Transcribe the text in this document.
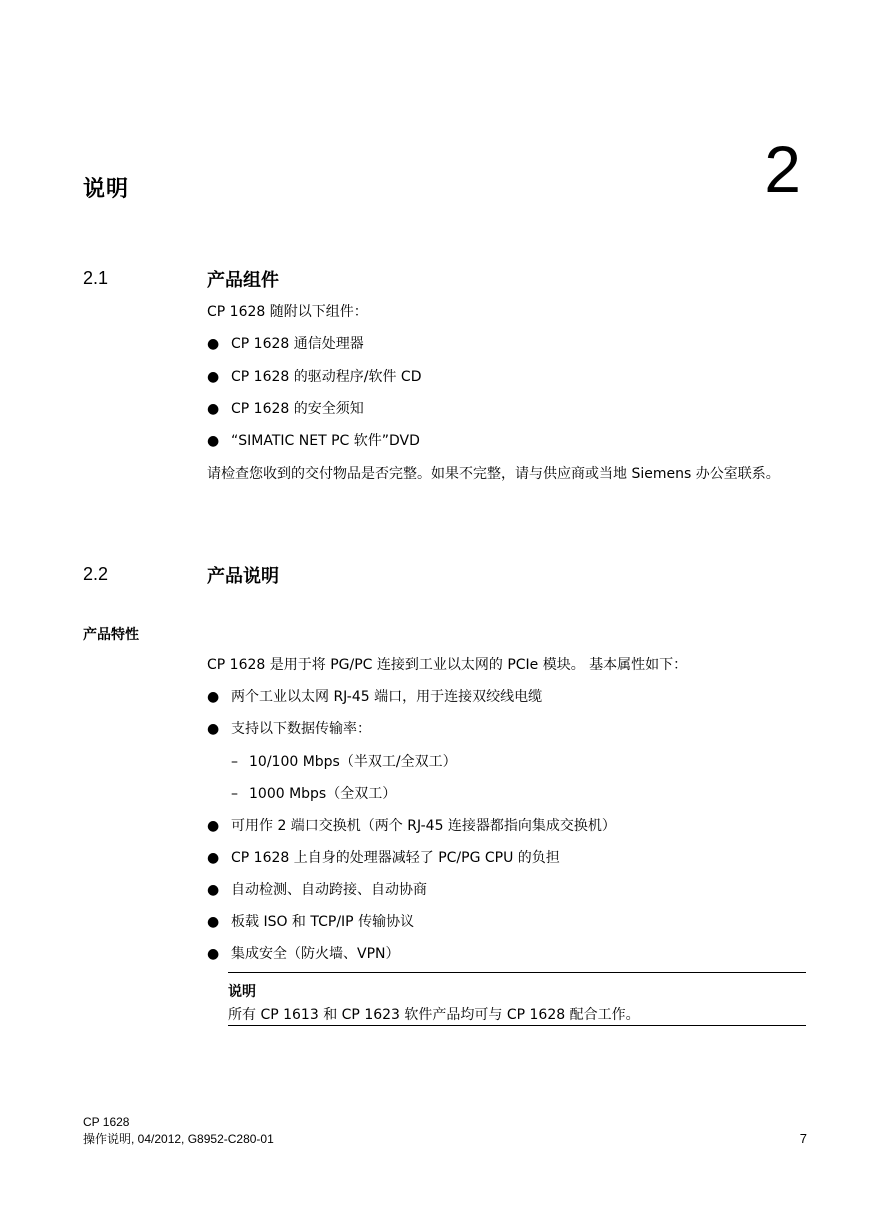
说明	2
2.1	产品组件
CP 1628 随附以下组件：
● CP 1628 通信处理器
● CP 1628 的驱动程序/软件 CD
● CP 1628 的安全须知
● “SIMATIC NET PC 软件”DVD
请检查您收到的交付物品是否完整。如果不完整，请与供应商或当地 Siemens 办公室联系。
2.2	产品说明
产品特性
CP 1628 是用于将 PG/PC 连接到工业以太网的 PCIe 模块。 基本属性如下：
● 两个工业以太网 RJ-45 端口，用于连接双绞线电缆
● 支持以下数据传输率：
– 10/100 Mbps（半双工/全双工）
– 1000 Mbps（全双工）
● 可用作 2 端口交换机（两个 RJ-45 连接器都指向集成交换机）
● CP 1628 上自身的处理器减轻了 PC/PG CPU 的负担
● 自动检测、自动跨接、自动协商
● 板载 ISO 和 TCP/IP 传输协议
● 集成安全（防火墙、VPN）
说明
所有 CP 1613 和 CP 1623 软件产品均可与 CP 1628 配合工作。
CP 1628
操作说明, 04/2012, G8952-C280-01	7
